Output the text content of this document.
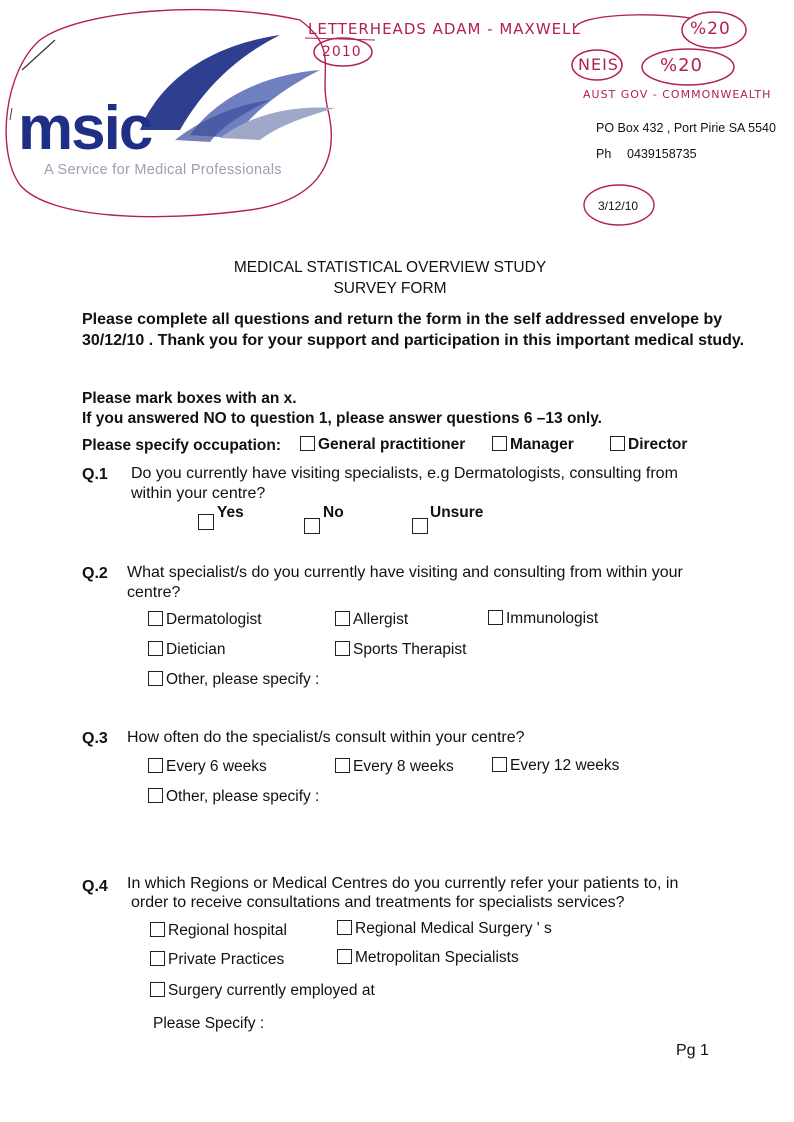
LETTERHEADS ADAM - MAXWELL	%20
2010
NEIS %20
AUST GOV - COMMONWEALTH
msic
A Service for Medical Professionals
PO Box 432 , Port Pirie SA 5540
Ph 0439158735
3/12/10
MEDICAL STATISTICAL OVERVIEW STUDY
SURVEY FORM
Please complete all questions and return the form in the self addressed envelope by
30/12/10 . Thank you for your support and participation in this important medical study.
Please mark boxes with an x.
If you answered NO to question 1, please answer questions 6 –13 only.
Please specify occupation:	General practitioner	Manager	Director
Q.1 Do you currently have visiting specialists, e.g Dermatologists, consulting from
within your centre?
Yes	No	Unsure
Q.2 What specialist/s do you currently have visiting and consulting from within your
centre?
Dermatologist	Allergist	Immunologist
Dietician	Sports Therapist
Other, please specify :
Q.3 How often do the specialist/s consult within your centre?
Every 6 weeks	Every 8 weeks	Every 12 weeks
Other, please specify :
Q.4 In which Regions or Medical Centres do you currently refer your patients to, in
order to receive consultations and treatments for specialists services?
Regional hospital	Regional Medical Surgery ' s
Private Practices	Metropolitan Specialists
Surgery currently employed at
Please Specify :
Pg 1
